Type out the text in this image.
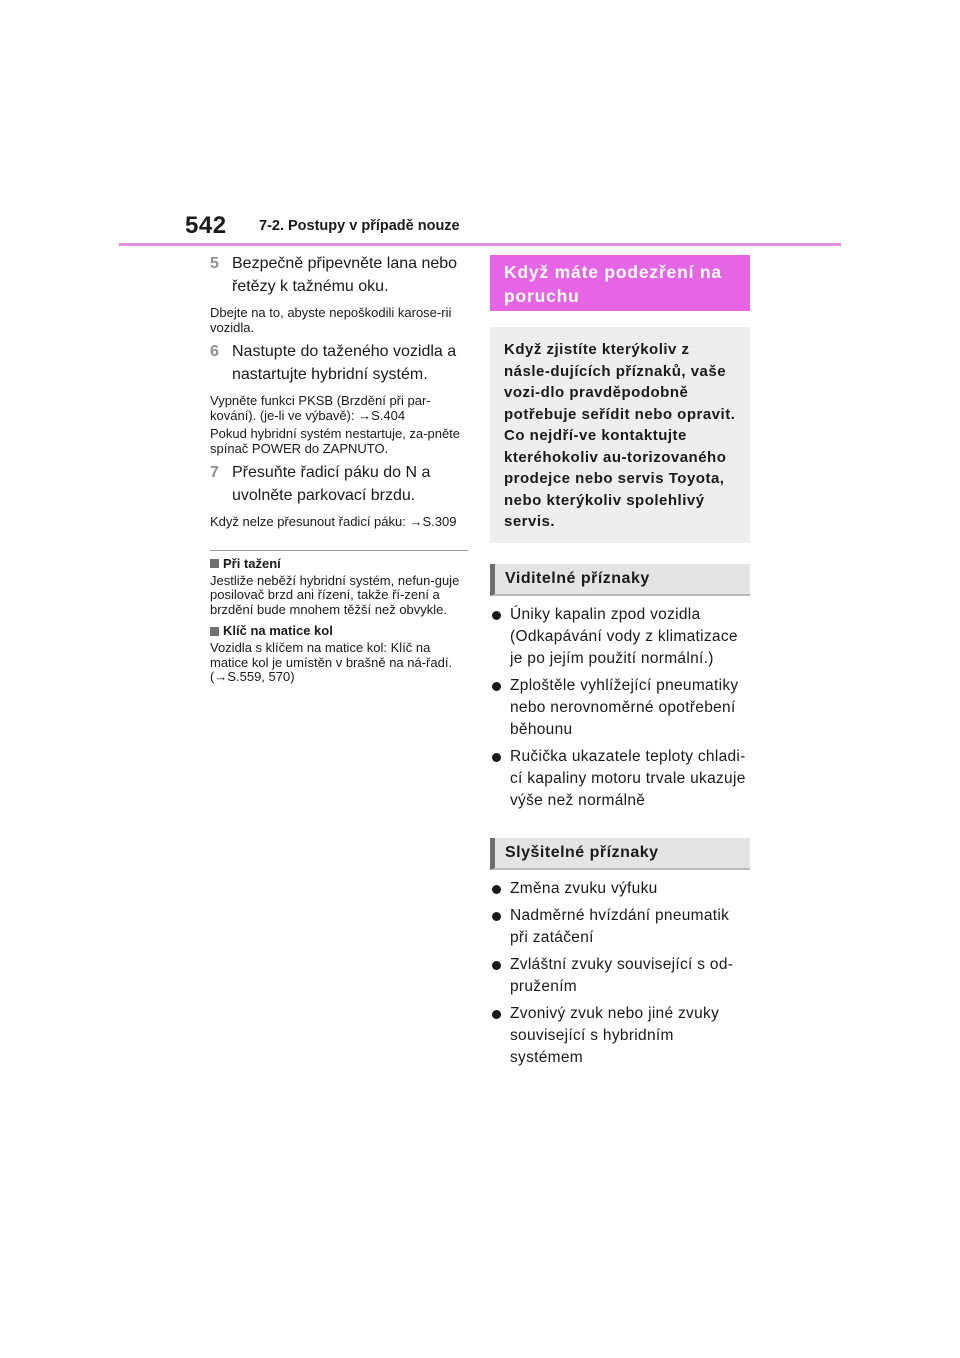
542 7-2. Postupy v případě nouze
5 Bezpečně připevněte lana nebo řetězy k tažnému oku.
Dbejte na to, abyste nepoškodili karose-rii vozidla.
6 Nastupte do taženého vozidla a nastartujte hybridní systém.
Vypněte funkci PKSB (Brzdění při par-kování). (je-li ve výbavě): →S.404
Pokud hybridní systém nestartuje, za-pněte spínač POWER do ZAPNUTO.
7 Přesuňte řadicí páku do N a uvolněte parkovací brzdu.
Když nelze přesunout řadicí páku: →S.309
Při tažení
Jestliže neběží hybridní systém, nefun-guje posilovač brzd ani řízení, takže ří-zení a brzdění bude mnohem těžší než obvykle.
Klíč na matice kol
Vozidla s klíčem na matice kol: Klíč na matice kol je umístěn v brašně na ná-řadí. (→S.559, 570)
Když máte podezření na poruchu
Když zjistíte kterýkoliv z násle-dujících příznaků, vaše vozi-dlo pravděpodobně potřebuje seřídit nebo opravit. Co nejdří-ve kontaktujte kteréhokoliv au-torizovaného prodejce nebo servis Toyota, nebo kterýkoliv spolehlivý servis.
Viditelné příznaky
Úniky kapalin zpod vozidla (Odkapávání vody z klimatizace je po jejím použití normální.)
Zploštěle vyhlížející pneumatiky nebo nerovnoměrné opotřebení běhounu
Ručička ukazatele teploty chladi-cí kapaliny motoru trvale ukazuje výše než normálně
Slyšitelné příznaky
Změna zvuku výfuku
Nadměrné hvízdání pneumatik při zatáčení
Zvláštní zvuky související s od-pružením
Zvonivý zvuk nebo jiné zvuky související s hybridním systémem
